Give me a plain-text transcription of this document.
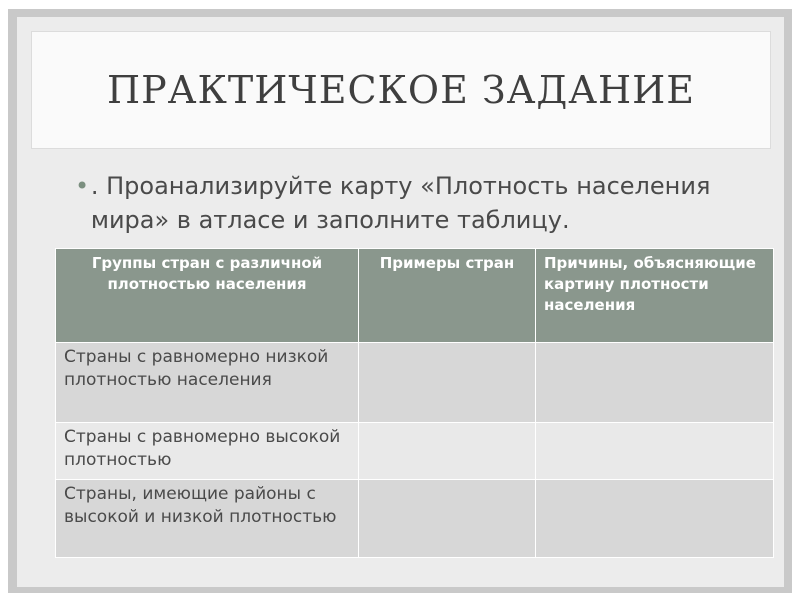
ПРАКТИЧЕСКОЕ ЗАДАНИЕ
• . Проанализируйте карту «Плотность населения мира» в атласе и заполните таблицу.
Группы стран с различной плотностью населения	Примеры стран	Причины, объясняющие картину плотности населения
Страны с равномерно низкой плотностью населения		
Страны с равномерно высокой плотностью		
Страны, имеющие районы с высокой и низкой плотностью		
